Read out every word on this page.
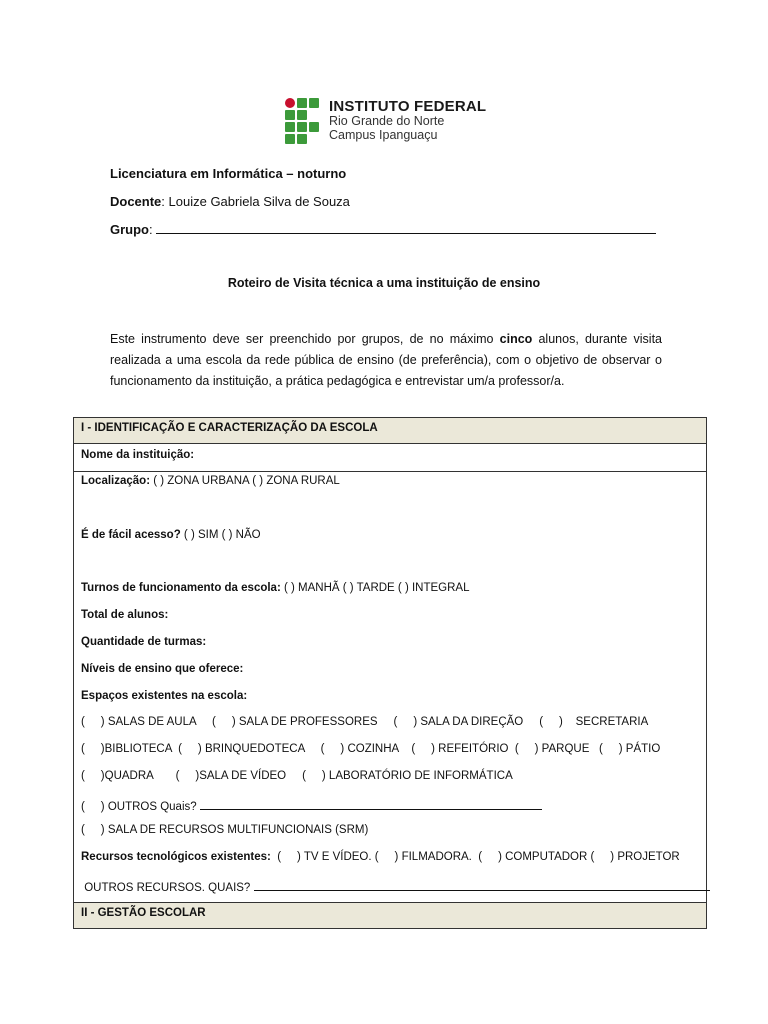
INSTITUTO FEDERAL
Rio Grande do Norte
Campus Ipanguaçu
Licenciatura em Informática – noturno
Docente: Louize Gabriela Silva de Souza
Grupo:
Roteiro de Visita técnica a uma instituição de ensino
Este instrumento deve ser preenchido por grupos, de no máximo cinco alunos, durante visita realizada a uma escola da rede pública de ensino (de preferência), com o objetivo de observar o funcionamento da instituição, a prática pedagógica e entrevistar um/a professor/a.
I - IDENTIFICAÇÃO E CARACTERIZAÇÃO DA ESCOLA
Nome da instituição:
Localização: ( ) ZONA URBANA ( ) ZONA RURAL
É de fácil acesso? ( ) SIM ( ) NÃO
Turnos de funcionamento da escola: ( ) MANHÃ ( ) TARDE ( ) INTEGRAL
Total de alunos:
Quantidade de turmas:
Níveis de ensino que oferece:
Espaços existentes na escola:
(     ) SALAS DE AULA     (     ) SALA DE PROFESSORES     (     ) SALA DA DIREÇÃO     (     )    SECRETARIA
(     )BIBLIOTECA  (     ) BRINQUEDOTECA     (     ) COZINHA    (     ) REFEITÓRIO  (     ) PARQUE   (     ) PÁTIO
(     )QUADRA       (     )SALA DE VÍDEO     (     ) LABORATÓRIO DE INFORMÁTICA
(     ) OUTROS Quais?
(     ) SALA DE RECURSOS MULTIFUNCIONAIS (SRM)
Recursos tecnológicos existentes:  (     ) TV E VÍDEO. (     ) FILMADORA.  (     ) COMPUTADOR (     ) PROJETOR
OUTROS RECURSOS. QUAIS?
II - GESTÃO ESCOLAR
